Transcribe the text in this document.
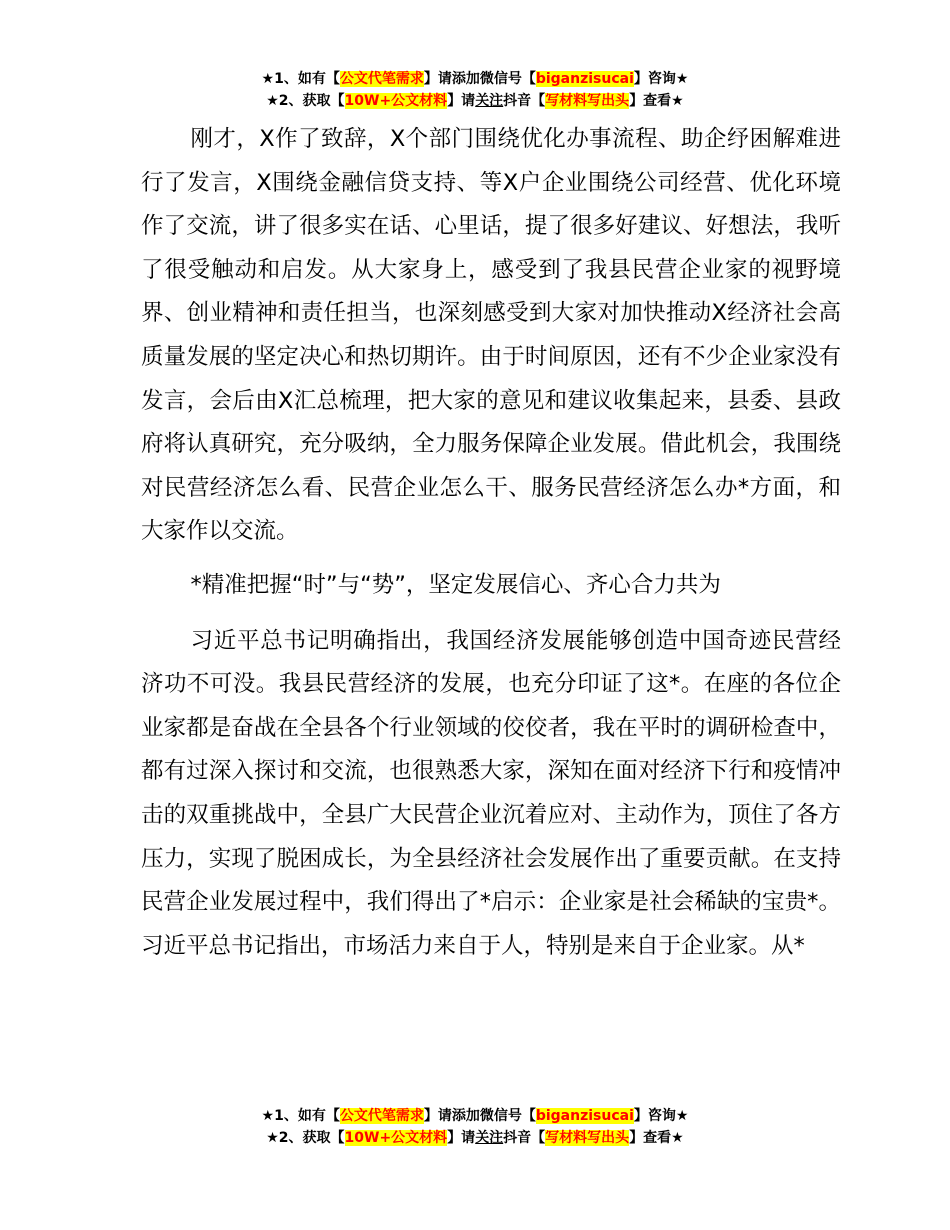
★1、如有【公文代笔需求】请添加微信号【biganzisucai】咨询★
★2、获取【10W+公文材料】请关注抖音【写材料写出头】查看★

刚才，X作了致辞，X个部门围绕优化办事流程、助企纾困解难进行了发言，X围绕金融信贷支持、等X户企业围绕公司经营、优化环境作了交流，讲了很多实在话、心里话，提了很多好建议、好想法，我听了很受触动和启发。从大家身上，感受到了我县民营企业家的视野境界、创业精神和责任担当，也深刻感受到大家对加快推动X经济社会高质量发展的坚定决心和热切期许。由于时间原因，还有不少企业家没有发言，会后由X汇总梳理，把大家的意见和建议收集起来，县委、县政府将认真研究，充分吸纳，全力服务保障企业发展。借此机会，我围绕对民营经济怎么看、民营企业怎么干、服务民营经济怎么办*方面，和大家作以交流。

*精准把握“时”与“势”，坚定发展信心、齐心合力共为

习近平总书记明确指出，我国经济发展能够创造中国奇迹民营经济功不可没。我县民营经济的发展，也充分印证了这*。在座的各位企业家都是奋战在全县各个行业领域的佼佼者，我在平时的调研检查中，都有过深入探讨和交流，也很熟悉大家，深知在面对经济下行和疫情冲击的双重挑战中，全县广大民营企业沉着应对、主动作为，顶住了各方压力，实现了脱困成长，为全县经济社会发展作出了重要贡献。在支持民营企业发展过程中，我们得出了*启示：企业家是社会稀缺的宝贵*。习近平总书记指出，市场活力来自于人，特别是来自于企业家。从*

★1、如有【公文代笔需求】请添加微信号【biganzisucai】咨询★
★2、获取【10W+公文材料】请关注抖音【写材料写出头】查看★
